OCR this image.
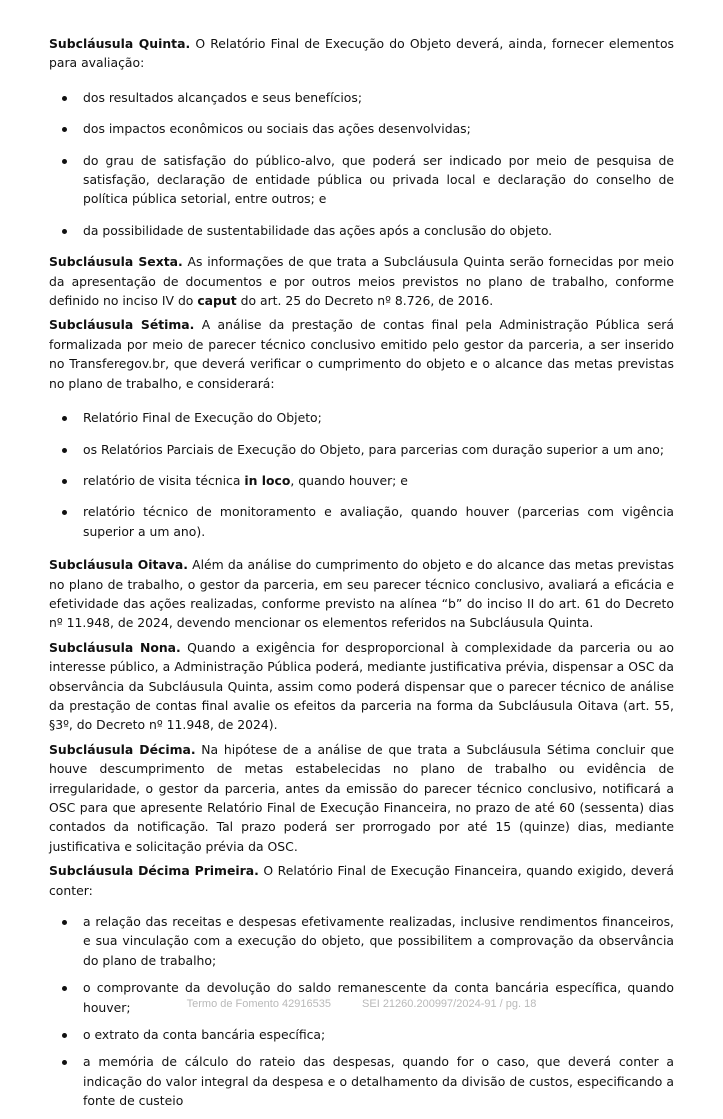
Subcláusula Quinta. O Relatório Final de Execução do Objeto deverá, ainda, fornecer elementos para avaliação:

dos resultados alcançados e seus benefícios;
dos impactos econômicos ou sociais das ações desenvolvidas;
do grau de satisfação do público-alvo, que poderá ser indicado por meio de pesquisa de satisfação, declaração de entidade pública ou privada local e declaração do conselho de política pública setorial, entre outros; e
da possibilidade de sustentabilidade das ações após a conclusão do objeto.

Subcláusula Sexta. As informações de que trata a Subcláusula Quinta serão fornecidas por meio da apresentação de documentos e por outros meios previstos no plano de trabalho, conforme definido no inciso IV do caput do art. 25 do Decreto nº 8.726, de 2016.

Subcláusula Sétima. A análise da prestação de contas final pela Administração Pública será formalizada por meio de parecer técnico conclusivo emitido pelo gestor da parceria, a ser inserido no Transferegov.br, que deverá verificar o cumprimento do objeto e o alcance das metas previstas no plano de trabalho, e considerará:

Relatório Final de Execução do Objeto;
os Relatórios Parciais de Execução do Objeto, para parcerias com duração superior a um ano;
relatório de visita técnica in loco, quando houver; e
relatório técnico de monitoramento e avaliação, quando houver (parcerias com vigência superior a um ano).

Subcláusula Oitava. Além da análise do cumprimento do objeto e do alcance das metas previstas no plano de trabalho, o gestor da parceria, em seu parecer técnico conclusivo, avaliará a eficácia e efetividade das ações realizadas, conforme previsto na alínea “b” do inciso II do art. 61 do Decreto nº 11.948, de 2024, devendo mencionar os elementos referidos na Subcláusula Quinta.

Subcláusula Nona. Quando a exigência for desproporcional à complexidade da parceria ou ao interesse público, a Administração Pública poderá, mediante justificativa prévia, dispensar a OSC da observância da Subcláusula Quinta, assim como poderá dispensar que o parecer técnico de análise da prestação de contas final avalie os efeitos da parceria na forma da Subcláusula Oitava (art. 55, §3º, do Decreto nº 11.948, de 2024).

Subcláusula Décima. Na hipótese de a análise de que trata a Subcláusula Sétima concluir que houve descumprimento de metas estabelecidas no plano de trabalho ou evidência de irregularidade, o gestor da parceria, antes da emissão do parecer técnico conclusivo, notificará a OSC para que apresente Relatório Final de Execução Financeira, no prazo de até 60 (sessenta) dias contados da notificação. Tal prazo poderá ser prorrogado por até 15 (quinze) dias, mediante justificativa e solicitação prévia da OSC.

Subcláusula Décima Primeira. O Relatório Final de Execução Financeira, quando exigido, deverá conter:

a relação das receitas e despesas efetivamente realizadas, inclusive rendimentos financeiros, e sua vinculação com a execução do objeto, que possibilitem a comprovação da observância do plano de trabalho;
o comprovante da devolução do saldo remanescente da conta bancária específica, quando houver;
o extrato da conta bancária específica;
a memória de cálculo do rateio das despesas, quando for o caso, que deverá conter a indicação do valor integral da despesa e o detalhamento da divisão de custos, especificando a fonte de custeio
Termo de Fomento 42916535	SEI 21260.200997/2024-91 / pg. 18
